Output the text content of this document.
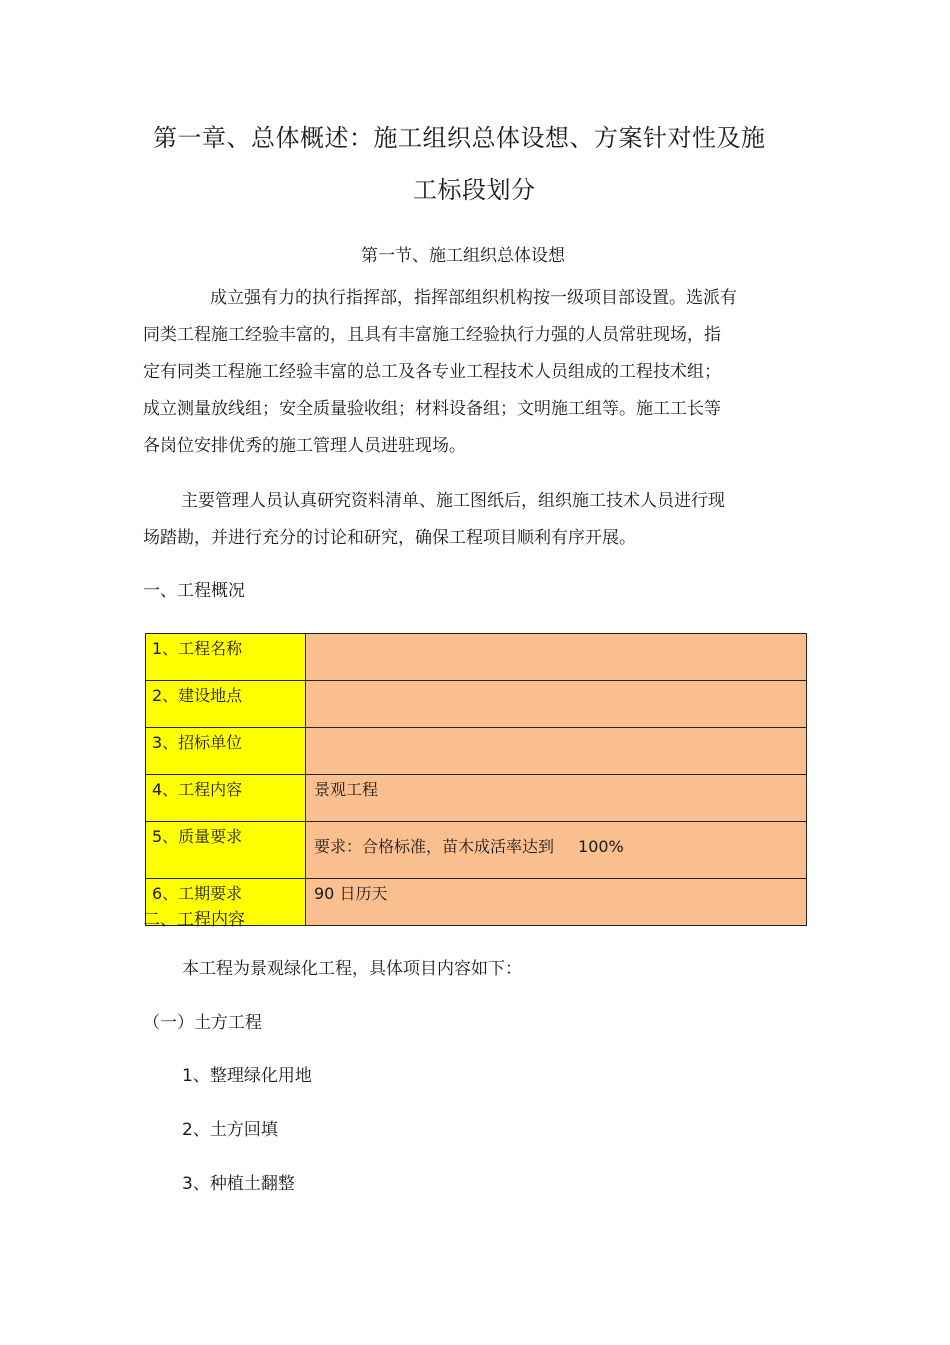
第一章、总体概述：施工组织总体设想、方案针对性及施
工标段划分
第一节、施工组织总体设想
成立强有力的执行指挥部，指挥部组织机构按一级项目部设置。选派有
同类工程施工经验丰富的，且具有丰富施工经验执行力强的人员常驻现场，指
定有同类工程施工经验丰富的总工及各专业工程技术人员组成的工程技术组；
成立测量放线组；安全质量验收组；材料设备组；文明施工组等。施工工长等
各岗位安排优秀的施工管理人员进驻现场。
主要管理人员认真研究资料清单、施工图纸后，组织施工技术人员进行现
场踏勘，并进行充分的讨论和研究，确保工程项目顺利有序开展。
一、工程概况
1、工程名称	
2、建设地点	
3、招标单位	
4、工程内容	景观工程
5、质量要求	要求：合格标准，苗木成活率达到 100%
6、工期要求	90 日历天
二、工程内容
本工程为景观绿化工程，具体项目内容如下：
（一）土方工程
1、整理绿化用地
2、土方回填
3、种植土翻整
